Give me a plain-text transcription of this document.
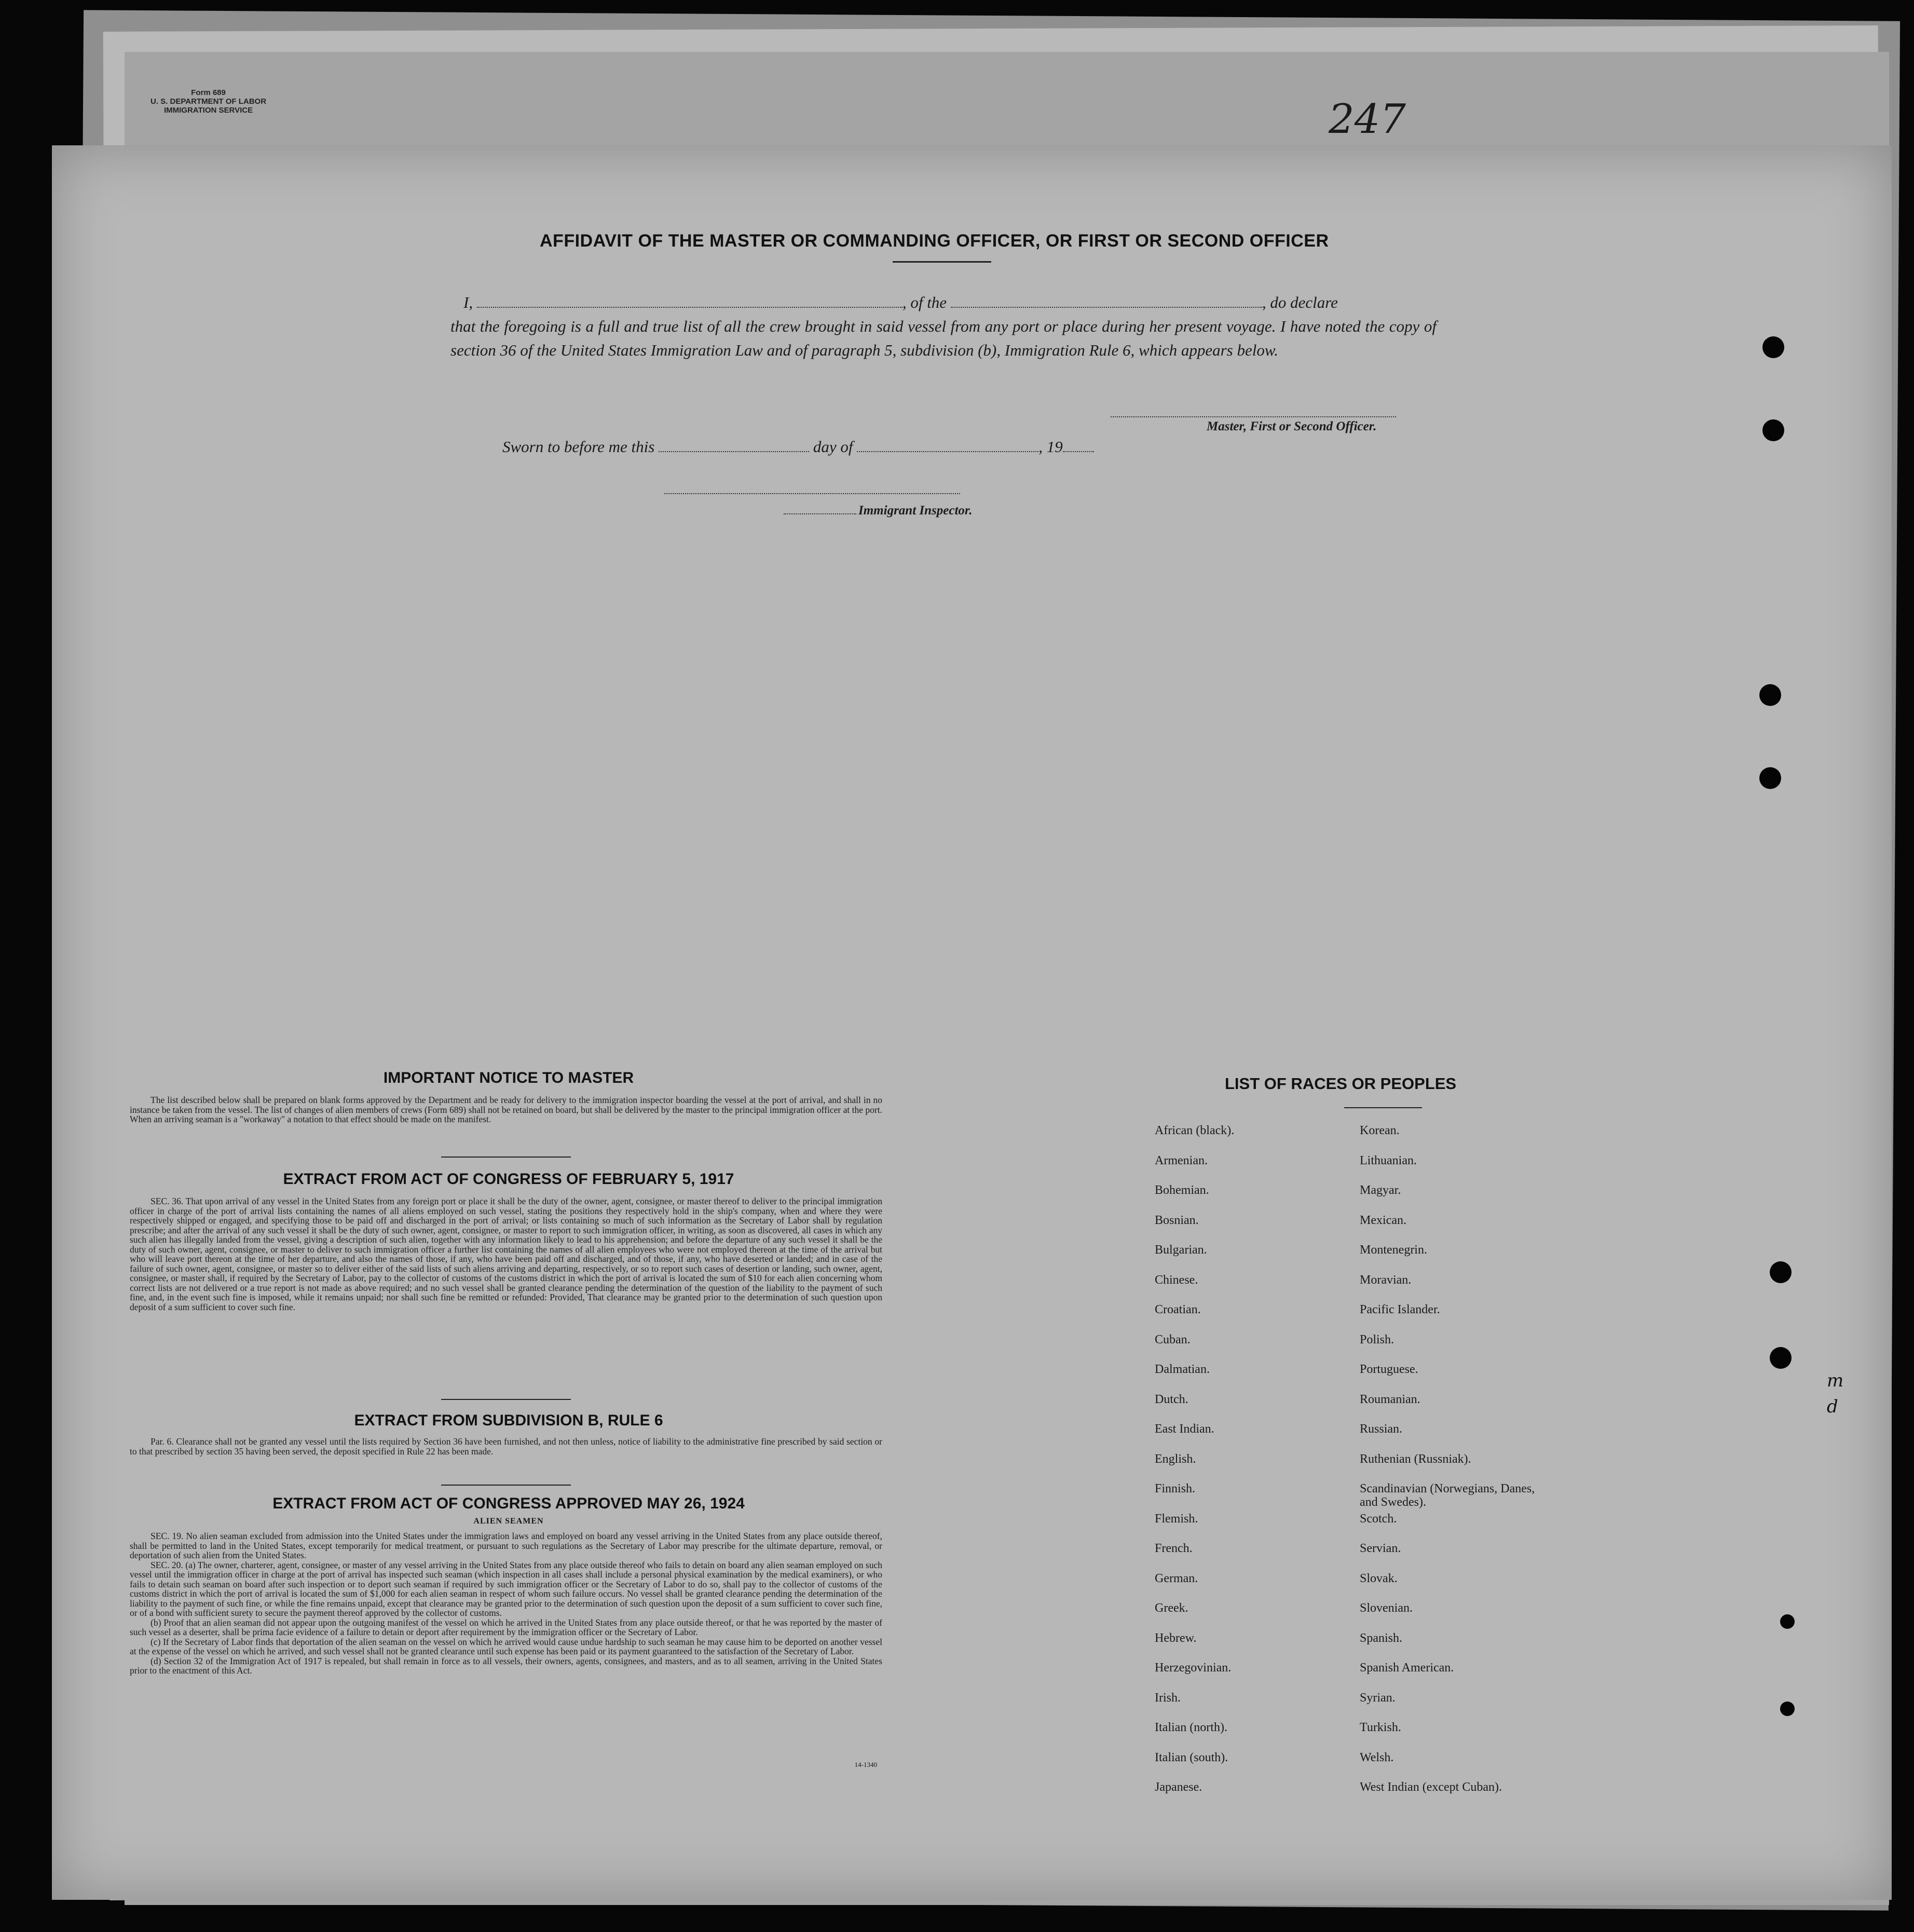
Form 689
U. S. DEPARTMENT OF LABOR
IMMIGRATION SERVICE	247
AFFIDAVIT OF THE MASTER OR COMMANDING OFFICER, OR FIRST OR SECOND OFFICER
I,	, of the	, do declare
that the foregoing is a full and true list of all the crew brought in said vessel from any port or place during her present voyage. I have noted the copy of section 36 of the United States Immigration Law and of paragraph 5, subdivision (b), Immigration Rule 6, which appears below.
Master, First or Second Officer.
Sworn to before me this	day of	, 19
Immigrant Inspector.
IMPORTANT NOTICE TO MASTER

The list described below shall be prepared on blank forms approved by the Department and be ready for delivery to the immigration inspector boarding the vessel at the port of arrival, and shall in no instance be taken from the vessel. The list of changes of alien members of crews (Form 689) shall not be retained on board, but shall be delivered by the master to the principal immigration officer at the port. When an arriving seaman is a "workaway" a notation to that effect should be made on the manifest.

EXTRACT FROM ACT OF CONGRESS OF FEBRUARY 5, 1917

SEC. 36. That upon arrival of any vessel in the United States from any foreign port or place it shall be the duty of the owner, agent, consignee, or master thereof to deliver to the principal immigration officer in charge of the port of arrival lists containing the names of all aliens employed on such vessel, stating the positions they respectively hold in the ship's company, when and where they were respectively shipped or engaged, and specifying those to be paid off and discharged in the port of arrival; or lists containing so much of such information as the Secretary of Labor shall by regulation prescribe; and after the arrival of any such vessel it shall be the duty of such owner, agent, consignee, or master to report to such immigration officer, in writing, as soon as discovered, all cases in which any such alien has illegally landed from the vessel, giving a description of such alien, together with any information likely to lead to his apprehension; and before the departure of any such vessel it shall be the duty of such owner, agent, consignee, or master to deliver to such immigration officer a further list containing the names of all alien employees who were not employed thereon at the time of the arrival but who will leave port thereon at the time of her departure, and also the names of those, if any, who have been paid off and discharged, and of those, if any, who have deserted or landed; and in case of the failure of such owner, agent, consignee, or master so to deliver either of the said lists of such aliens arriving and departing, respectively, or so to report such cases of desertion or landing, such owner, agent, consignee, or master shall, if required by the Secretary of Labor, pay to the collector of customs of the customs district in which the port of arrival is located the sum of $10 for each alien concerning whom correct lists are not delivered or a true report is not made as above required; and no such vessel shall be granted clearance pending the determination of the question of the liability to the payment of such fine, and, in the event such fine is imposed, while it remains unpaid; nor shall such fine be remitted or refunded: Provided, That clearance may be granted prior to the determination of such question upon deposit of a sum sufficient to cover such fine.

EXTRACT FROM SUBDIVISION B, RULE 6

Par. 6. Clearance shall not be granted any vessel until the lists required by Section 36 have been furnished, and not then unless, notice of liability to the administrative fine prescribed by said section or to that prescribed by section 35 having been served, the deposit specified in Rule 22 has been made.

EXTRACT FROM ACT OF CONGRESS APPROVED MAY 26, 1924
ALIEN SEAMEN

SEC. 19. No alien seaman excluded from admission into the United States under the immigration laws and employed on board any vessel arriving in the United States from any place outside thereof, shall be permitted to land in the United States, except temporarily for medical treatment, or pursuant to such regulations as the Secretary of Labor may prescribe for the ultimate departure, removal, or deportation of such alien from the United States.

SEC. 20. (a) The owner, charterer, agent, consignee, or master of any vessel arriving in the United States from any place outside thereof who fails to detain on board any alien seaman employed on such vessel until the immigration officer in charge at the port of arrival has inspected such seaman (which inspection in all cases shall include a personal physical examination by the medical examiners), or who fails to detain such seaman on board after such inspection or to deport such seaman if required by such immigration officer or the Secretary of Labor to do so, shall pay to the collector of customs of the customs district in which the port of arrival is located the sum of $1,000 for each alien seaman in respect of whom such failure occurs. No vessel shall be granted clearance pending the determination of the liability to the payment of such fine, or while the fine remains unpaid, except that clearance may be granted prior to the determination of such question upon the deposit of a sum sufficient to cover such fine, or of a bond with sufficient surety to secure the payment thereof approved by the collector of customs.

(b) Proof that an alien seaman did not appear upon the outgoing manifest of the vessel on which he arrived in the United States from any place outside thereof, or that he was reported by the master of such vessel as a deserter, shall be prima facie evidence of a failure to detain or deport after requirement by the immigration officer or the Secretary of Labor.

(c) If the Secretary of Labor finds that deportation of the alien seaman on the vessel on which he arrived would cause undue hardship to such seaman he may cause him to be deported on another vessel at the expense of the vessel on which he arrived, and such vessel shall not be granted clearance until such expense has been paid or its payment guaranteed to the satisfaction of the Secretary of Labor.

(d) Section 32 of the Immigration Act of 1917 is repealed, but shall remain in force as to all vessels, their owners, agents, consignees, and masters, and as to all seamen, arriving in the United States prior to the enactment of this Act.

14-1340
LIST OF RACES OR PEOPLES
African (black).
Armenian.
Bohemian.
Bosnian.
Bulgarian.
Chinese.
Croatian.
Cuban.
Dalmatian.
Dutch.
East Indian.
English.
Finnish.
Flemish.
French.
German.
Greek.
Hebrew.
Herzegovinian.
Irish.
Italian (north).
Italian (south).
Japanese.
Korean.
Lithuanian.
Magyar.
Mexican.
Montenegrin.
Moravian.
Pacific Islander.
Polish.
Portuguese.
Roumanian.
Russian.
Ruthenian (Russniak).
Scandinavian (Norwegians, Danes, and Swedes).
Scotch.
Servian.
Slovak.
Slovenian.
Spanish.
Spanish American.
Syrian.
Turkish.
Welsh.
West Indian (except Cuban).
m
d
